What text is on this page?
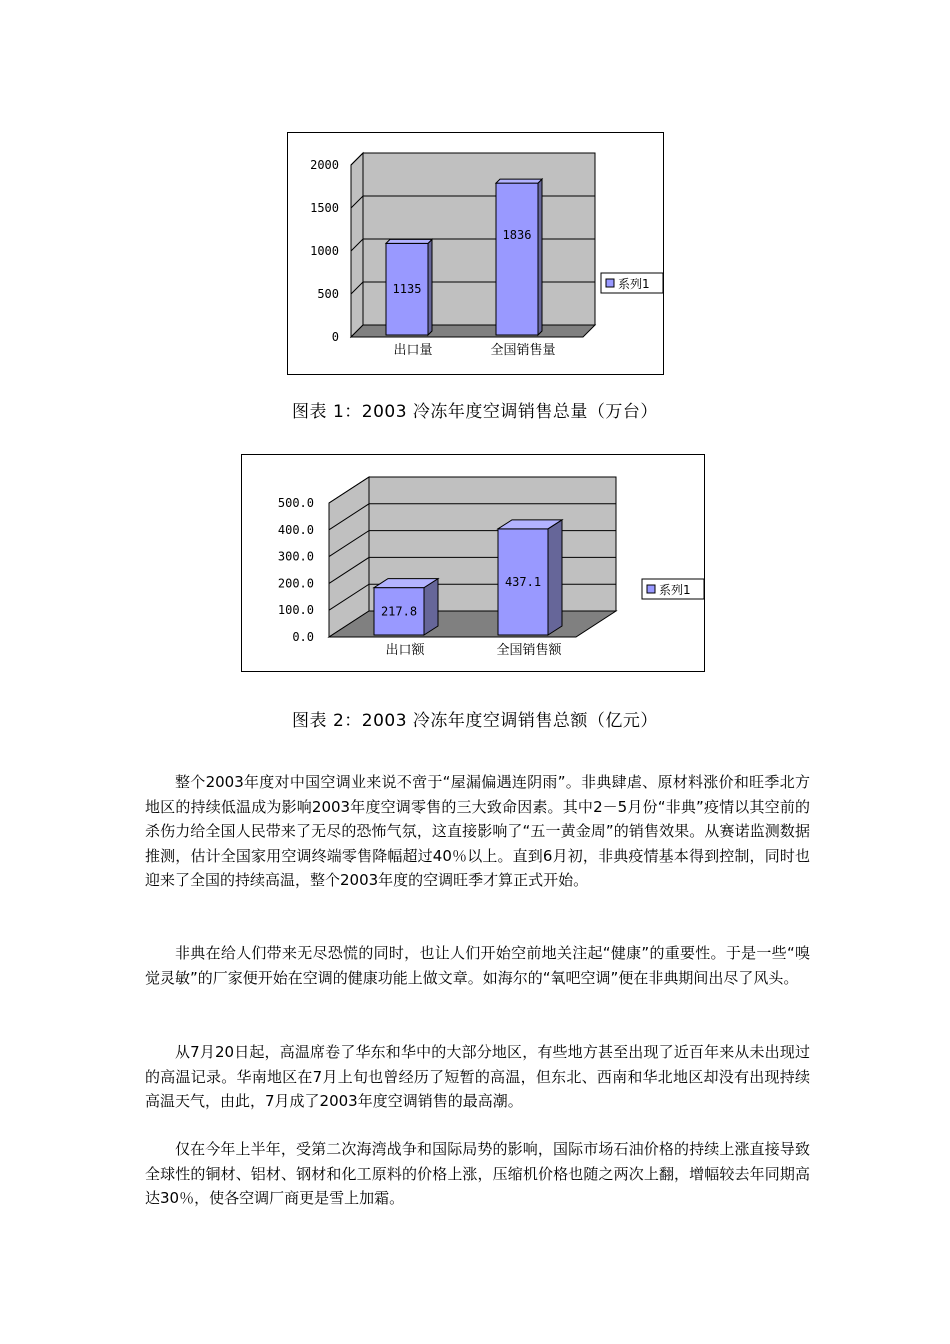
0
500
1000
1500
2000
1135
出口量
1836
全国销售量
系列1
图表 1：2003 冷冻年度空调销售总量（万台）
0.0
100.0
200.0
300.0
400.0
500.0
217.8
出口额
437.1
全国销售额
系列1
图表 2：2003 冷冻年度空调销售总额（亿元）

整个2003年度对中国空调业来说不啻于“屋漏偏遇连阴雨”。非典肆虐、原材料涨价和旺季北方地区的持续低温成为影响2003年度空调零售的三大致命因素。其中2－5月份“非典”疫情以其空前的杀伤力给全国人民带来了无尽的恐怖气氛，这直接影响了“五一黄金周”的销售效果。从赛诺监测数据推测，估计全国家用空调终端零售降幅超过40％以上。直到6月初，非典疫情基本得到控制，同时也迎来了全国的持续高温，整个2003年度的空调旺季才算正式开始。

非典在给人们带来无尽恐慌的同时，也让人们开始空前地关注起“健康”的重要性。于是一些“嗅觉灵敏”的厂家便开始在空调的健康功能上做文章。如海尔的“氧吧空调”便在非典期间出尽了风头。

从7月20日起，高温席卷了华东和华中的大部分地区，有些地方甚至出现了近百年来从未出现过的高温记录。华南地区在7月上旬也曾经历了短暂的高温，但东北、西南和华北地区却没有出现持续高温天气，由此，7月成了2003年度空调销售的最高潮。

仅在今年上半年，受第二次海湾战争和国际局势的影响，国际市场石油价格的持续上涨直接导致全球性的铜材、铝材、钢材和化工原料的价格上涨，压缩机价格也随之两次上翻，增幅较去年同期高达30％，使各空调厂商更是雪上加霜。
